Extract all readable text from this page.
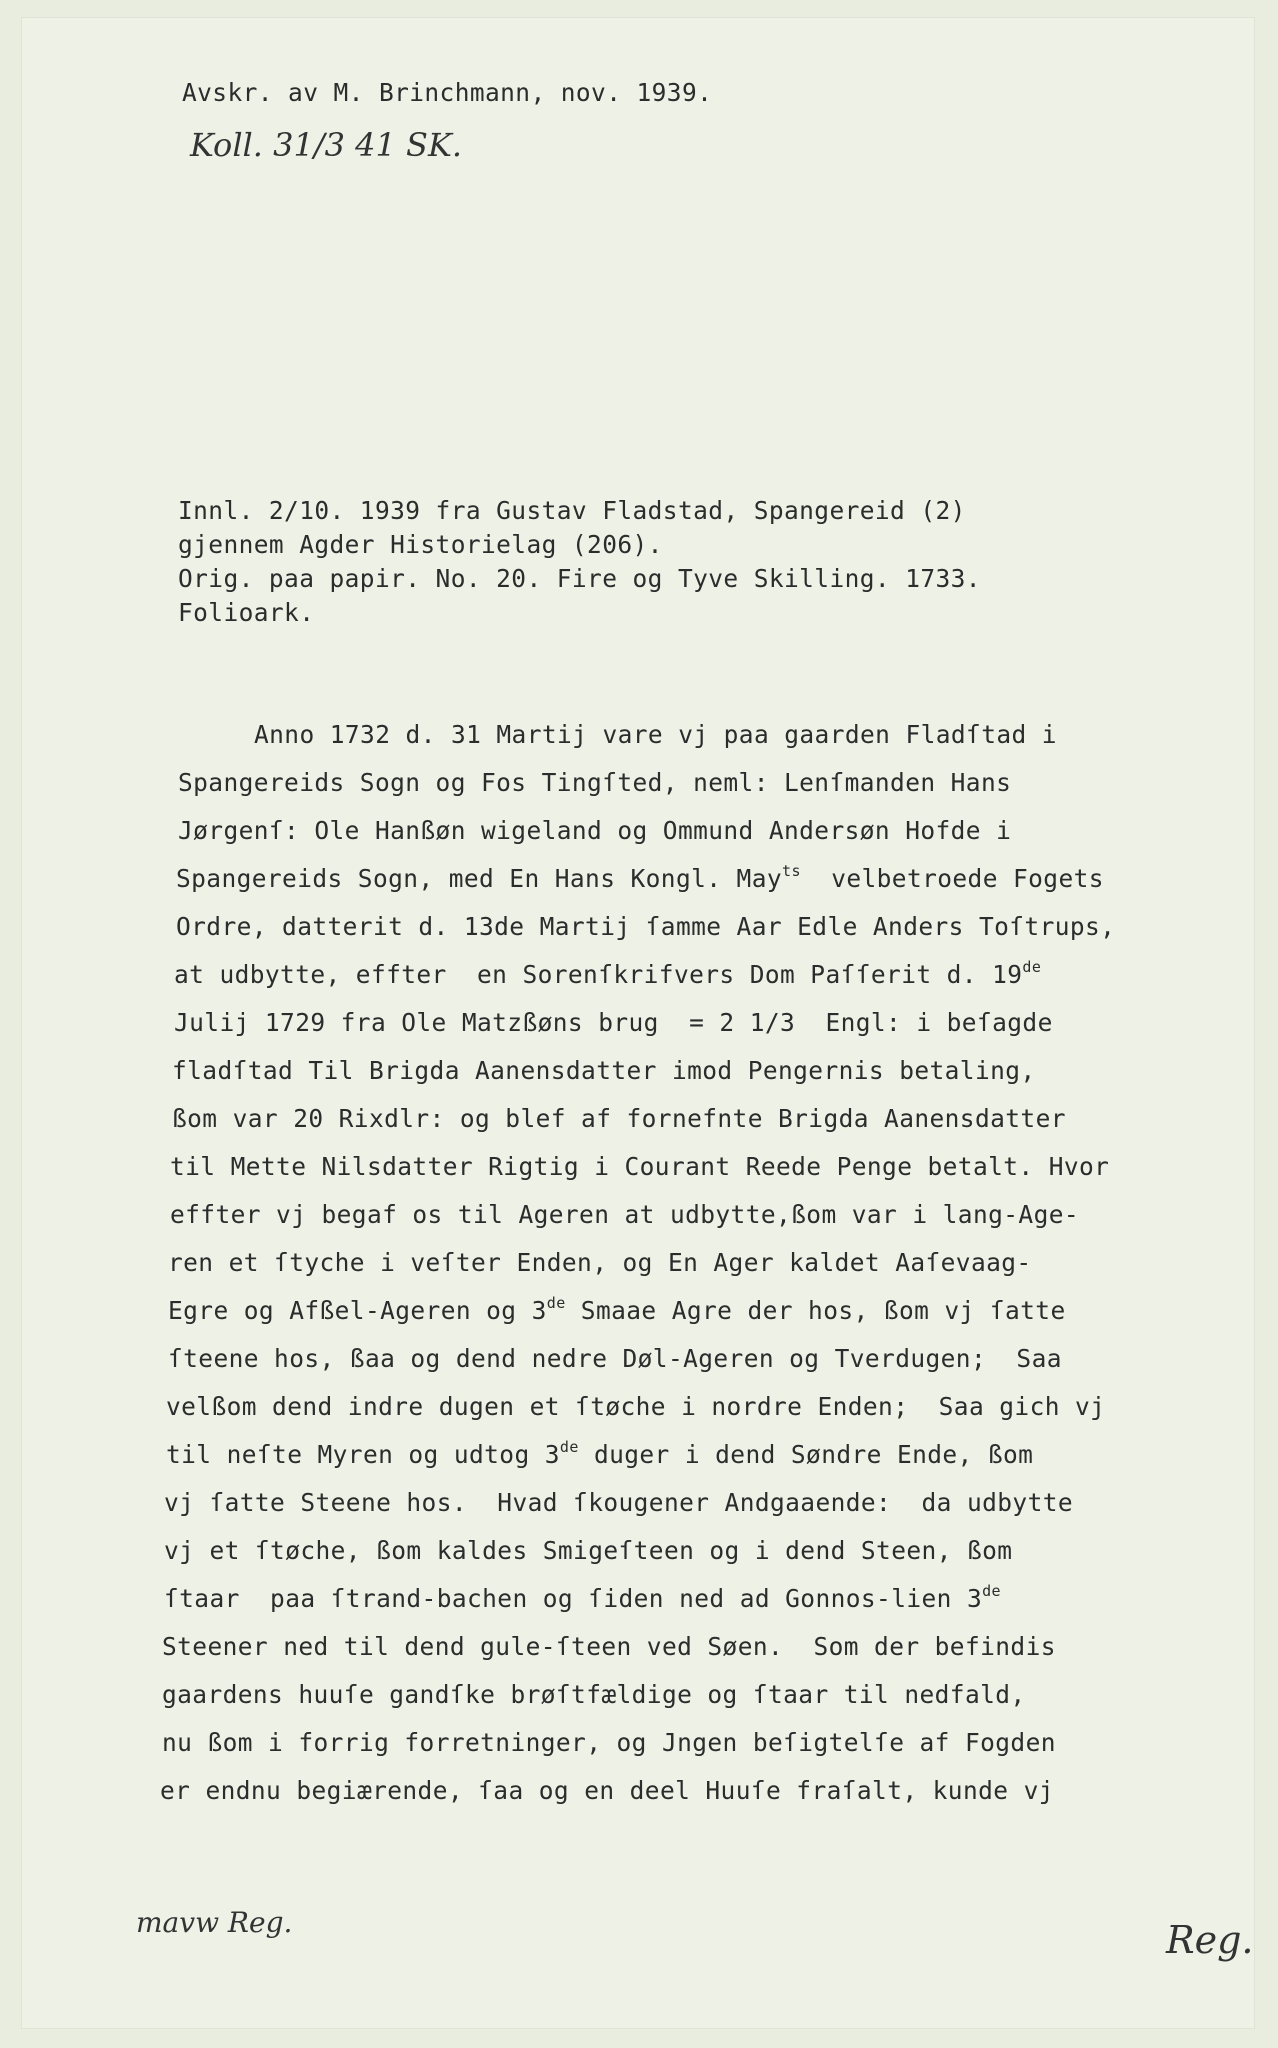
Avskr. av M. Brinchmann, nov. 1939.
Koll. 31/3 41 SK.
Innl. 2/10. 1939 fra Gustav Fladstad, Spangereid (2)
gjennem Agder Historielag (206).
Orig. paa papir. No. 20. Fire og Tyve Skilling. 1733.
Folioark.
Anno 1732 d. 31 Martij vare vj paa gaarden Fladſtad i
Spangereids Sogn og Fos Tingſted, neml: Lenſmanden Hans
Jørgenſ: Ole Hanßøn wigeland og Ommund Andersøn Hofde i
Spangereids Sogn, med En Hans Kongl. May$^{ts}$ velbetroede Fogets
Ordre, datterit d. 13de Martij ſamme Aar Edle Anders Toſtrups,
at udbytte, effter  en Sorenſkrifvers Dom Paſſerit d. 19de
Julij 1729 fra Ole Matzßøns brug  = 2 1/3  Engl: i beſagde
fladſtad Til Brigda Aanensdatter imod Pengernis betaling,
ßom var 20 Rixdlr: og blef af fornefnte Brigda Aanensdatter
til Mette Nilsdatter Rigtig i Courant Reede Penge betalt. Hvor
effter vj begaf os til Ageren at udbytte,ßom var i lang-Age-
ren et ſtyche i veſter Enden, og En Ager kaldet Aaſevaag-
Egre og Afßel-Ageren og 3de Smaae Agre der hos, ßom vj ſatte
ſteene hos, ßaa og dend nedre Døl-Ageren og Tverdugen;  Saa
velßom dend indre dugen et ſtøche i nordre Enden;  Saa gich vj
til neſte Myren og udtog 3de duger i dend Søndre Ende, ßom
vj ſatte Steene hos.  Hvad ſkougener Andgaaende:  da udbytte
vj et ſtøche, ßom kaldes Smigeſteen og i dend Steen, ßom
ſtaar  paa ſtrand-bachen og ſiden ned ad Gonnos-lien 3de
Steener ned til dend gule-ſteen ved Søen.  Som der befindis
gaardens huuſe gandſke brøſtfældige og ſtaar til nedfald,
nu ßom i forrig forretninger, og Jngen beſigtelſe af Fogden
er endnu begiærende, ſaa og en deel Huuſe fraſalt, kunde vj
mavw Reg.	Reg.
